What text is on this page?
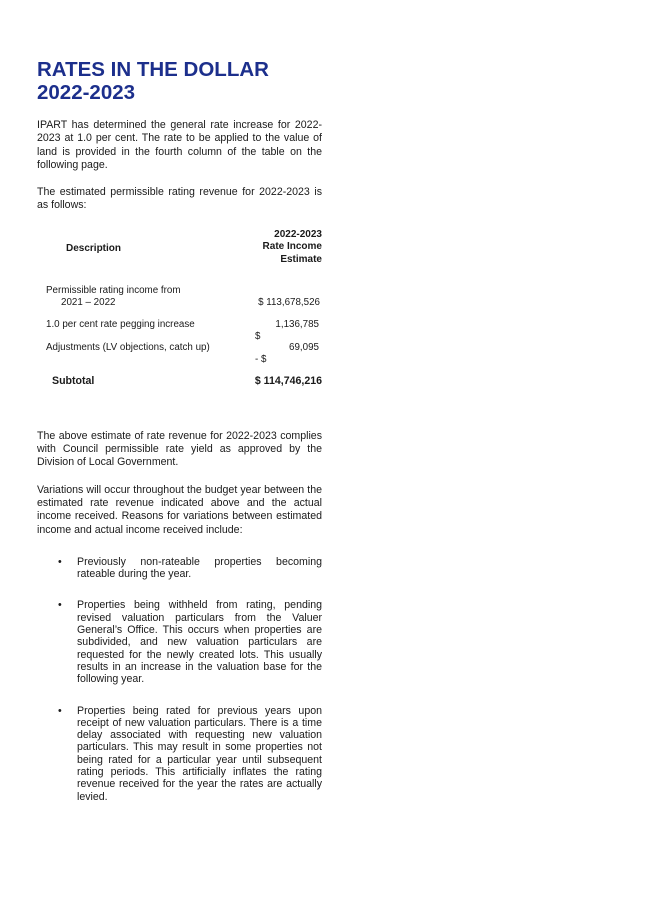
RATES IN THE DOLLAR
2022-2023

IPART has determined the general rate increase for 2022-2023 at 1.0 per cent. The rate to be applied to the value of land is provided in the fourth column of the table on the following page.

The estimated permissible rating revenue for 2022-2023 is as follows:

Description
2022-2023
Rate Income
Estimate
Permissible rating income from
2021 – 2022	$ 113,678,526
1.0 per cent rate pegging increase
$
1,136,785
Adjustments (LV objections, catch up)
- $
69,095
Subtotal	$ 114,746,216

The above estimate of rate revenue for 2022-2023 complies with Council permissible rate yield as approved by the Division of Local Government.

Variations will occur throughout the budget year between the estimated rate revenue indicated above and the actual income received. Reasons for variations between estimated income and actual income received include:

• Previously non-rateable properties becoming rateable during the year.
• Properties being withheld from rating, pending revised valuation particulars from the Valuer General’s Office. This occurs when properties are subdivided, and new valuation particulars are requested for the newly created lots. This usually results in an increase in the valuation base for the following year.
• Properties being rated for previous years upon receipt of new valuation particulars. There is a time delay associated with requesting new valuation particulars. This may result in some properties not being rated for a particular year until subsequent rating periods. This artificially inflates the rating revenue received for the year the rates are actually levied.
